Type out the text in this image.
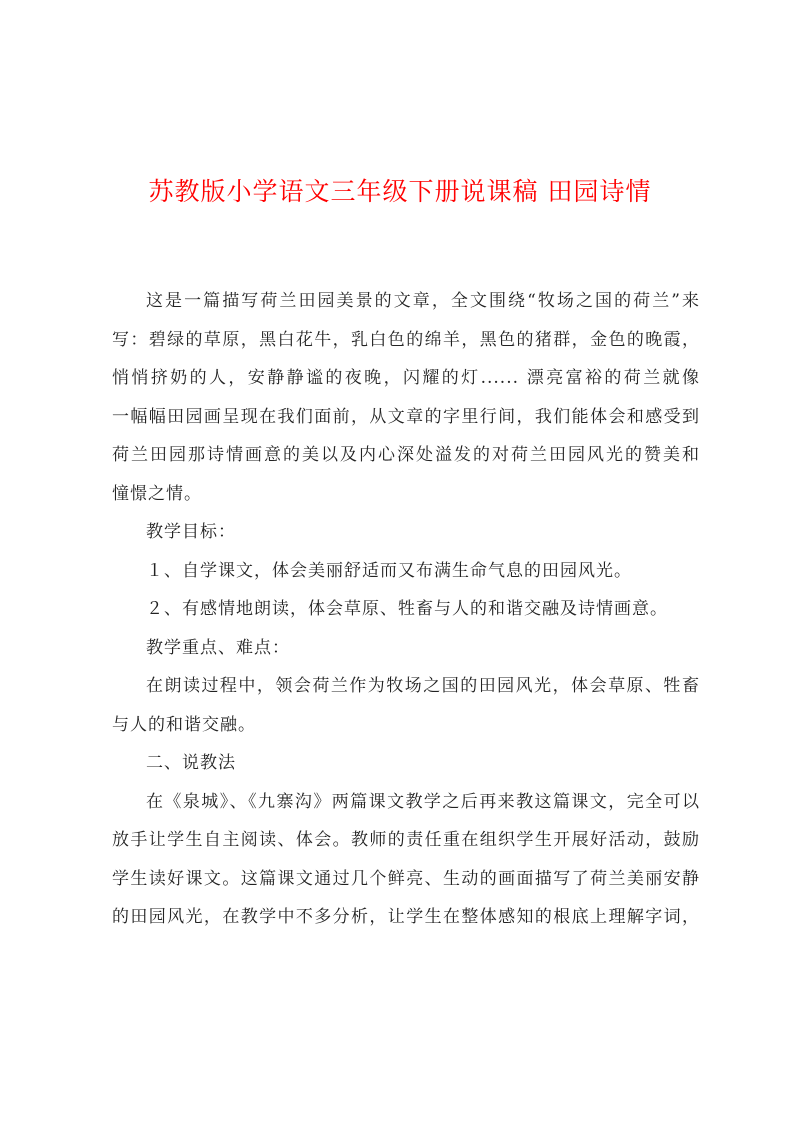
苏教版小学语文三年级下册说课稿 田园诗情
这是一篇描写荷兰田园美景的文章，全文围绕“牧场之国的荷兰”来
写：碧绿的草原，黑白花牛，乳白色的绵羊，黑色的猪群，金色的晚霞，
悄悄挤奶的人，安静静谧的夜晚，闪耀的灯...... 漂亮富裕的荷兰就像
一幅幅田园画呈现在我们面前，从文章的字里行间，我们能体会和感受到
荷兰田园那诗情画意的美以及内心深处溢发的对荷兰田园风光的赞美和
憧憬之情。
教学目标：
１、自学课文，体会美丽舒适而又布满生命气息的田园风光。
２、有感情地朗读，体会草原、牲畜与人的和谐交融及诗情画意。
教学重点、难点：
在朗读过程中，领会荷兰作为牧场之国的田园风光，体会草原、牲畜
与人的和谐交融。
二、说教法
在《泉城》、《九寨沟》两篇课文教学之后再来教这篇课文，完全可以
放手让学生自主阅读、体会。教师的责任重在组织学生开展好活动，鼓励
学生读好课文。这篇课文通过几个鲜亮、生动的画面描写了荷兰美丽安静
的田园风光，在教学中不多分析，让学生在整体感知的根底上理解字词，
